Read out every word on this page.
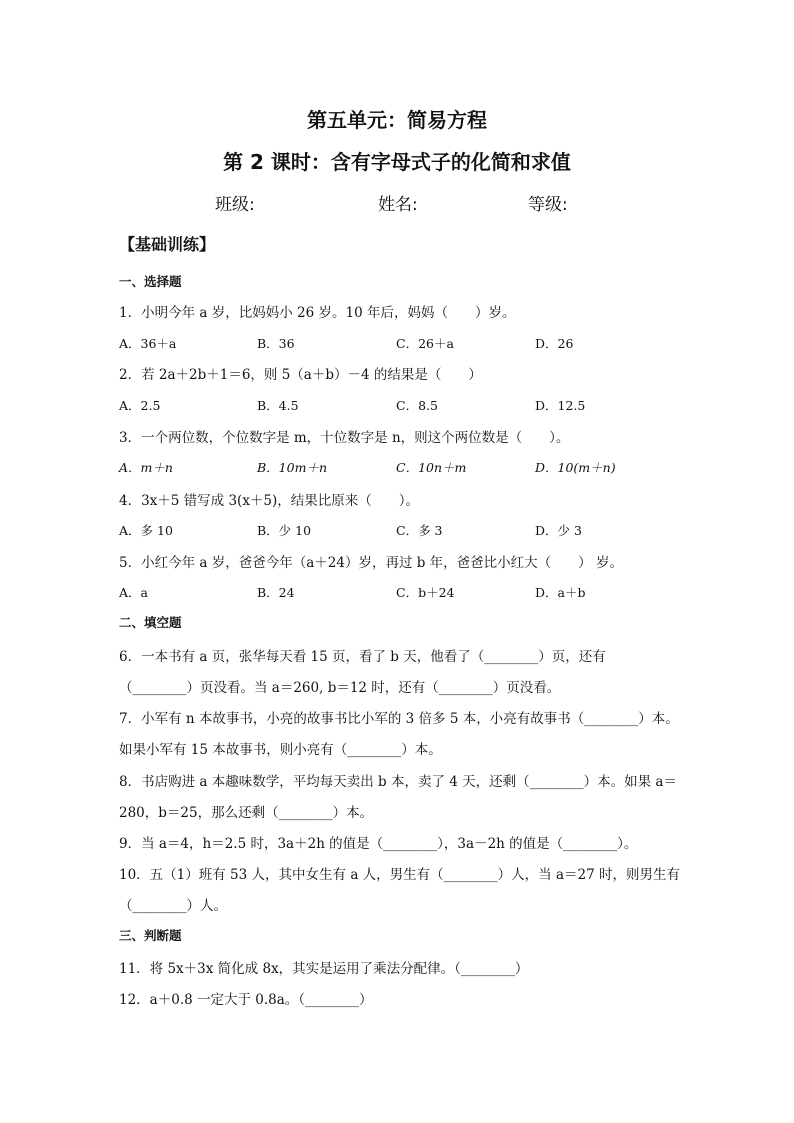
第五单元：简易方程
第 2 课时：含有字母式子的化简和求值
班级:	姓名:	等级:
【基础训练】
一、选择题
1．小明今年 a 岁，比妈妈小 26 岁。10 年后，妈妈（　　）岁。
A．36＋a	B．36	C．26＋a	D．26
2．若 2a＋2b＋1＝6，则 5（a＋b）－4 的结果是（　　）
A．2.5	B．4.5	C．8.5	D．12.5
3．一个两位数，个位数字是 m，十位数字是 n，则这个两位数是（　　）。
A．m＋n	B．10m＋n	C．10n＋m	D．10(m＋n)
4．3x＋5 错写成 3(x＋5)，结果比原来（　　）。
A．多 10	B．少 10	C．多 3	D．少 3
5．小红今年 a 岁，爸爸今年（a＋24）岁，再过 b 年，爸爸比小红大（　　） 岁。
A．a	B．24	C．b＋24	D．a＋b
二、填空题
6．一本书有 a 页，张华每天看 15 页，看了 b 天，他看了（________）页，还有
（________）页没看。当 a＝260, b＝12 时，还有（________）页没看。
7．小军有 n 本故事书，小亮的故事书比小军的 3 倍多 5 本，小亮有故事书（________）本。
如果小军有 15 本故事书，则小亮有（________）本。
8．书店购进 a 本趣味数学，平均每天卖出 b 本，卖了 4 天，还剩（________）本。如果 a＝
280，b＝25，那么还剩（________）本。
9．当 a＝4，h＝2.5 时，3a＋2h 的值是（________），3a－2h 的值是（________）。
10．五（1）班有 53 人，其中女生有 a 人，男生有（________）人，当 a＝27 时，则男生有
（________）人。
三、判断题
11．将 5x＋3x 简化成 8x，其实是运用了乘法分配律。（________）
12．a＋0.8 一定大于 0.8a。（________）
